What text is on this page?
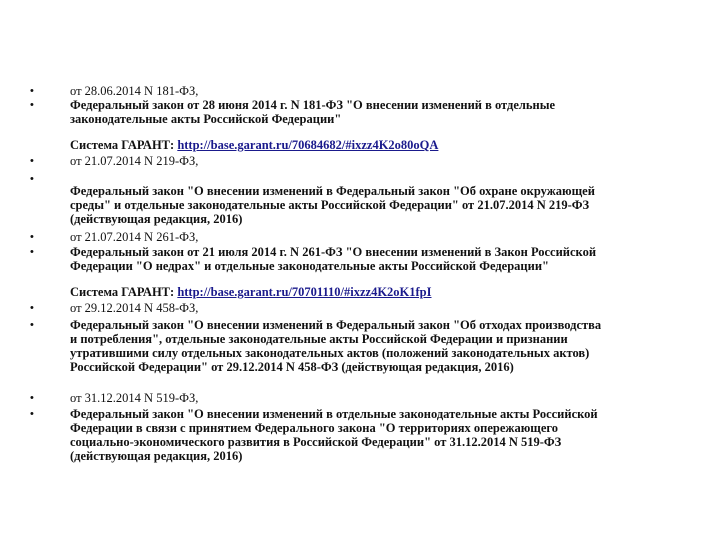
•	от 28.06.2014 N 181-ФЗ,
•	Федеральный закон от 28 июня 2014 г. N 181-ФЗ "О внесении изменений в отдельные
законодательные акты Российской Федерации"
Система ГАРАНТ: http://base.garant.ru/70684682/#ixzz4K2o80oQA
•	от 21.07.2014 N 219-ФЗ,
•
Федеральный закон "О внесении изменений в Федеральный закон "Об охране окружающей
среды" и отдельные законодательные акты Российской Федерации" от 21.07.2014 N 219-ФЗ
(действующая редакция, 2016)
•	от 21.07.2014 N 261-ФЗ,
•	Федеральный закон от 21 июля 2014 г. N 261-ФЗ "О внесении изменений в Закон Российской
Федерации "О недрах" и отдельные законодательные акты Российской Федерации"
Система ГАРАНТ: http://base.garant.ru/70701110/#ixzz4K2oK1fpI
•	от 29.12.2014 N 458-ФЗ,
•	Федеральный закон "О внесении изменений в Федеральный закон "Об отходах производства
и потребления", отдельные законодательные акты Российской Федерации и признании
утратившими силу отдельных законодательных актов (положений законодательных актов)
Российской Федерации" от 29.12.2014 N 458-ФЗ (действующая редакция, 2016)
•	от 31.12.2014 N 519-ФЗ,
•	Федеральный закон "О внесении изменений в отдельные законодательные акты Российской
Федерации в связи с принятием Федерального закона "О территориях опережающего
социально-экономического развития в Российской Федерации" от 31.12.2014 N 519-ФЗ
(действующая редакция, 2016)
